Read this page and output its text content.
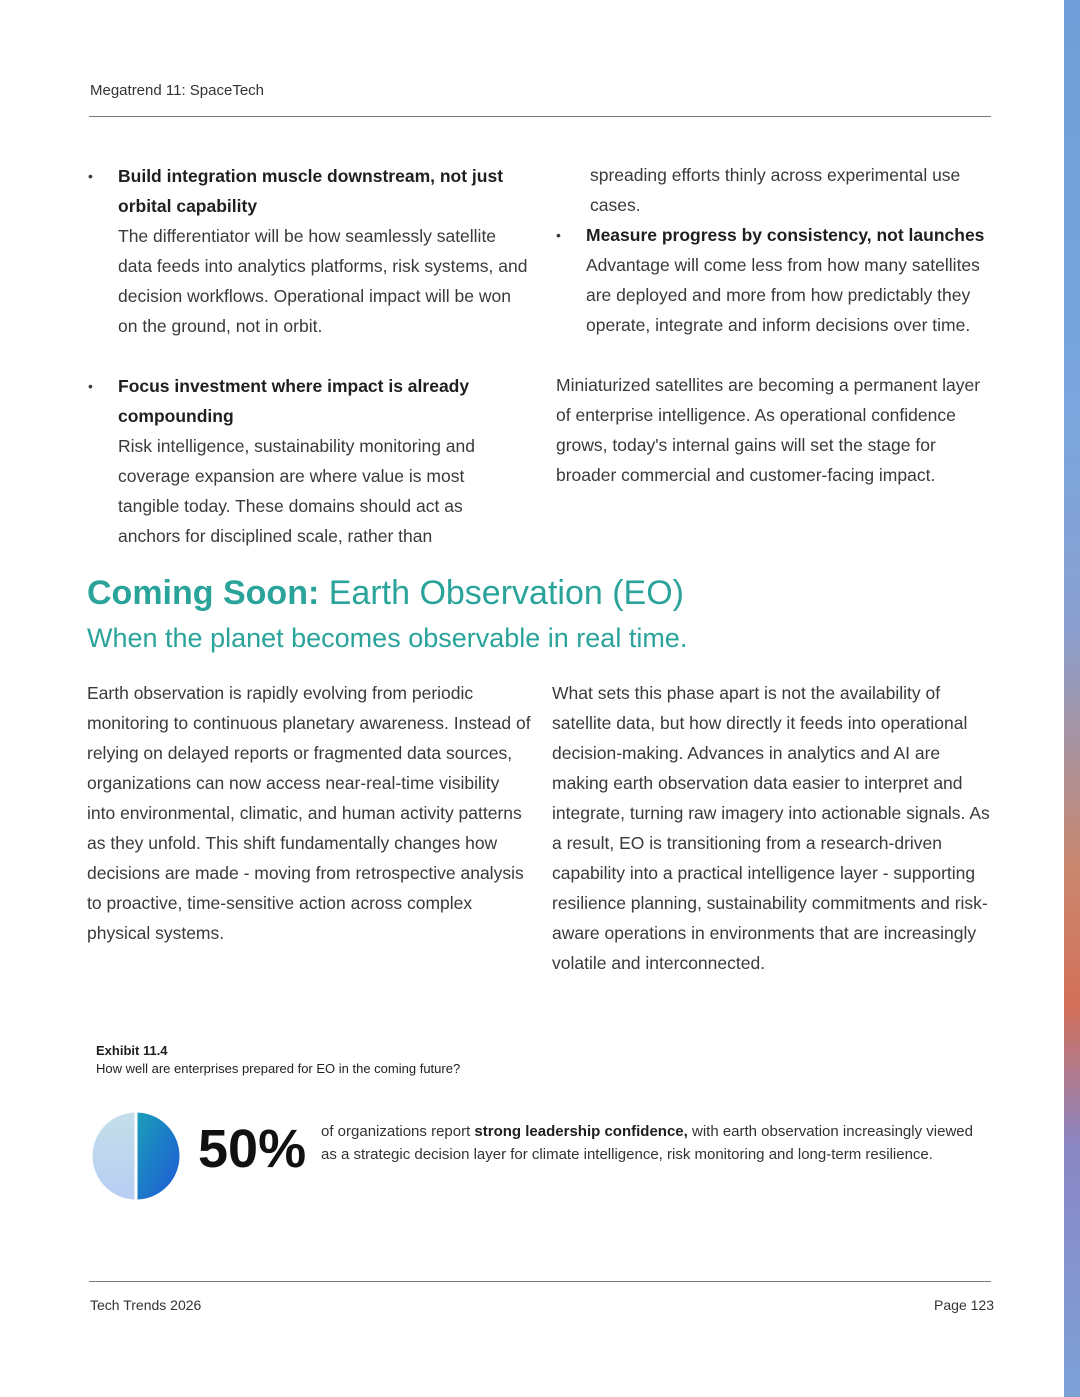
Megatrend 11: SpaceTech
• Build integration muscle downstream, not just orbital capability
The differentiator will be how seamlessly satellite data feeds into analytics platforms, risk systems, and decision workflows. Operational impact will be won on the ground, not in orbit.
• Focus investment where impact is already compounding
Risk intelligence, sustainability monitoring and coverage expansion are where value is most tangible today. These domains should act as anchors for disciplined scale, rather than
spreading efforts thinly across experimental use cases.
• Measure progress by consistency, not launches
Advantage will come less from how many satellites are deployed and more from how predictably they operate, integrate and inform decisions over time.
Miniaturized satellites are becoming a permanent layer of enterprise intelligence. As operational confidence grows, today's internal gains will set the stage for broader commercial and customer-facing impact.
Coming Soon: Earth Observation (EO)
When the planet becomes observable in real time.
Earth observation is rapidly evolving from periodic monitoring to continuous planetary awareness. Instead of relying on delayed reports or fragmented data sources, organizations can now access near-real-time visibility into environmental, climatic, and human activity patterns as they unfold. This shift fundamentally changes how decisions are made - moving from retrospective analysis to proactive, time-sensitive action across complex physical systems.
What sets this phase apart is not the availability of satellite data, but how directly it feeds into operational decision-making. Advances in analytics and AI are making earth observation data easier to interpret and integrate, turning raw imagery into actionable signals. As a result, EO is transitioning from a research-driven capability into a practical intelligence layer - supporting resilience planning, sustainability commitments and risk-aware operations in environments that are increasingly volatile and interconnected.
Exhibit 11.4
How well are enterprises prepared for EO in the coming future?
50% of organizations report strong leadership confidence, with earth observation increasingly viewed as a strategic decision layer for climate intelligence, risk monitoring and long-term resilience.
Tech Trends 2026	Page 123
